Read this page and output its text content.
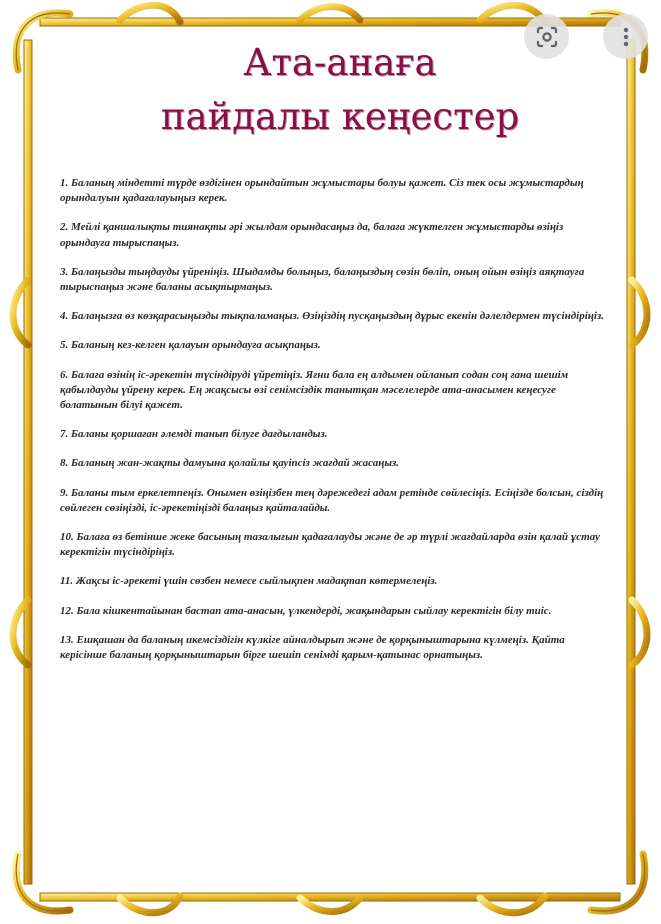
Ата-анаға
пайдалы кеңестер
1. Баланың міндетті түрде өздігінен орындайтын жұмыстары болуы қажет. Сіз тек осы жұмыстардың орындалуын қадағалауыңыз керек.
2. Мейлі қаншалықты тиянақты әрі жылдам орындасаңыз да, балаға жүктелген жұмыстарды өзіңіз орындауға тырыспаңыз.
3. Балаңызды тыңдауды үйреніңіз. Шыдамды болыңыз, балаңыздың сөзін бөліп, оның ойын өзіңіз аяқтауға тырыспаңыз және баланы асықтырмаңыз.
4. Балаңызға өз көзқарасыңызды тықпаламаңыз. Өзіңіздің пусқаңыздың дұрыс екенін дәлелдермен түсіндіріңіз.
5. Баланың кез-келген қалауын орындауға асықпаңыз.
6. Балаға өзінің іс-әрекетін түсіндіруді үйретіңіз. Яғни бала ең алдымен ойланып содан соң ғана шешім қабылдауды үйрену керек. Ең жақсысы өзі сенімсіздік танытқан мәселелерде ата-анасымен кеңесуге болатынын білуі қажет.
7. Баланы қоршаған әлемді танып білуге дағдыландыз.
8. Баланың жан-жақты дамуына қолайлы қауіпсіз жағдай жасаңыз.
9. Баланы тым еркелетпеңіз. Онымен өзіңізбен тең дәрежедегі адам ретінде сөйлесіңіз. Есіңізде болсын, сіздің сөйлеген сөзіңізді, іс-әрекетіңізді балаңыз қайталайды.
10. Балаға өз бетінше жеке басының тазалығын қадағалауды және де әр түрлі жағдайларда өзін қалай ұстау керектігін түсіндіріңіз.
11. Жақсы іс-әрекеті үшін сөзбен немесе сыйлықпен мадақтап көтермелеңіз.
12. Бала кішкентайынан бастап ата-анасын, үлкендерді, жақындарын сыйлау керектігін білу тиіс.
13. Ешқашан да баланың икемсіздігін күлкіге айналдырып және де қорқыныштарына күлмеңіз. Қайта керісінше баланың қорқыныштарын бірге шешіп сенімді қарым-қатынас орнатыңыз.
